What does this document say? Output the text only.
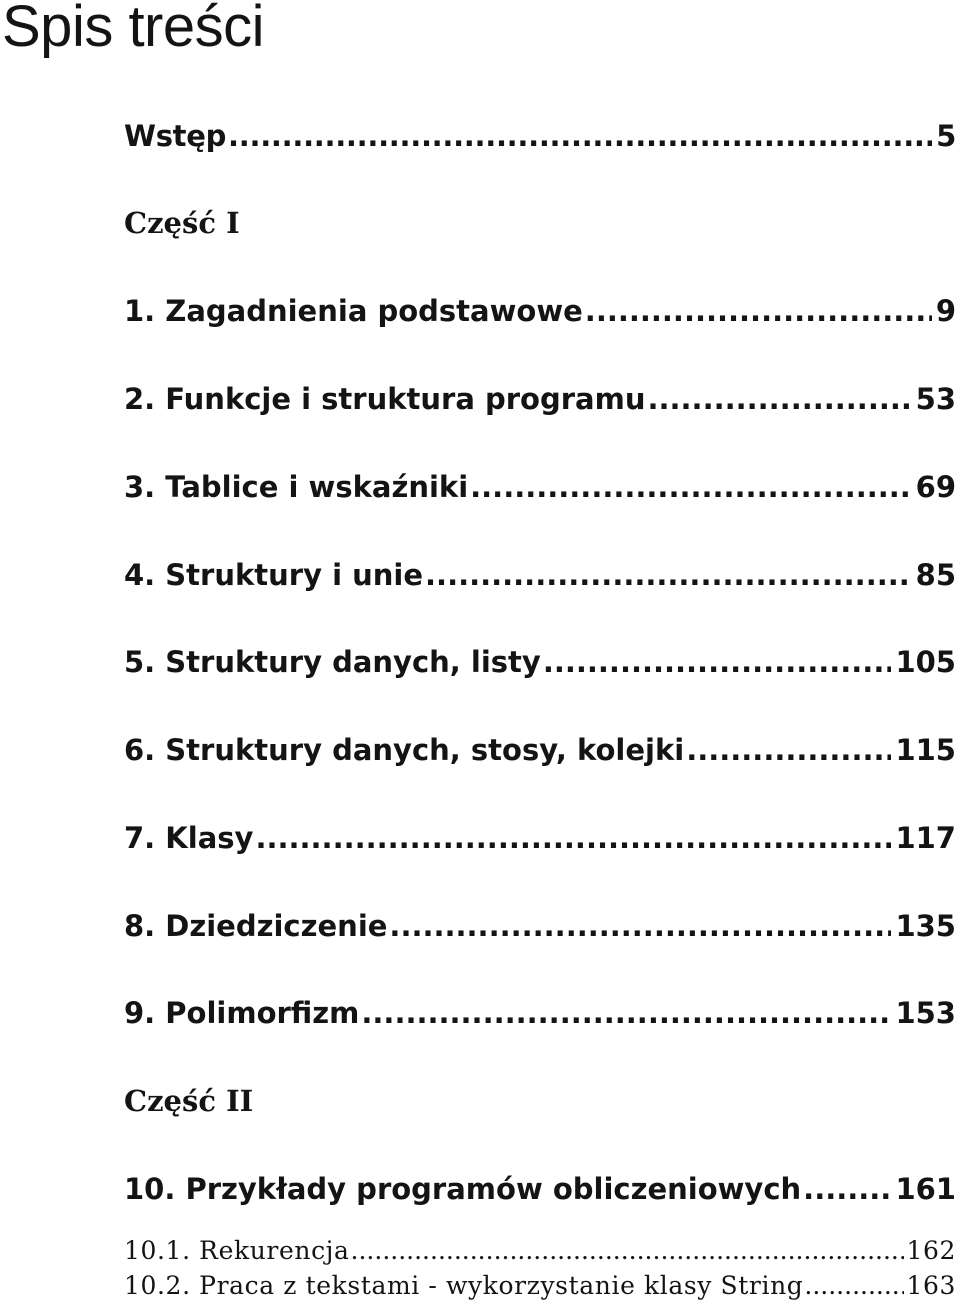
Spis treści
Wstęp .....	5
Część I
1. Zagadnienia podstawowe .....	9
2. Funkcje i struktura programu .....	53
3. Tablice i wskaźniki .....	69
4. Struktury i unie .....	85
5. Struktury danych, listy .....	105
6. Struktury danych, stosy, kolejki .....	115
7. Klasy .....	117
8. Dziedziczenie .....	135
9. Polimorfizm .....	153
Część II
10. Przykłady programów obliczeniowych .....	161
10.1. Rekurencja .....	162
10.2. Praca z tekstami - wykorzystanie klasy String .....	163
